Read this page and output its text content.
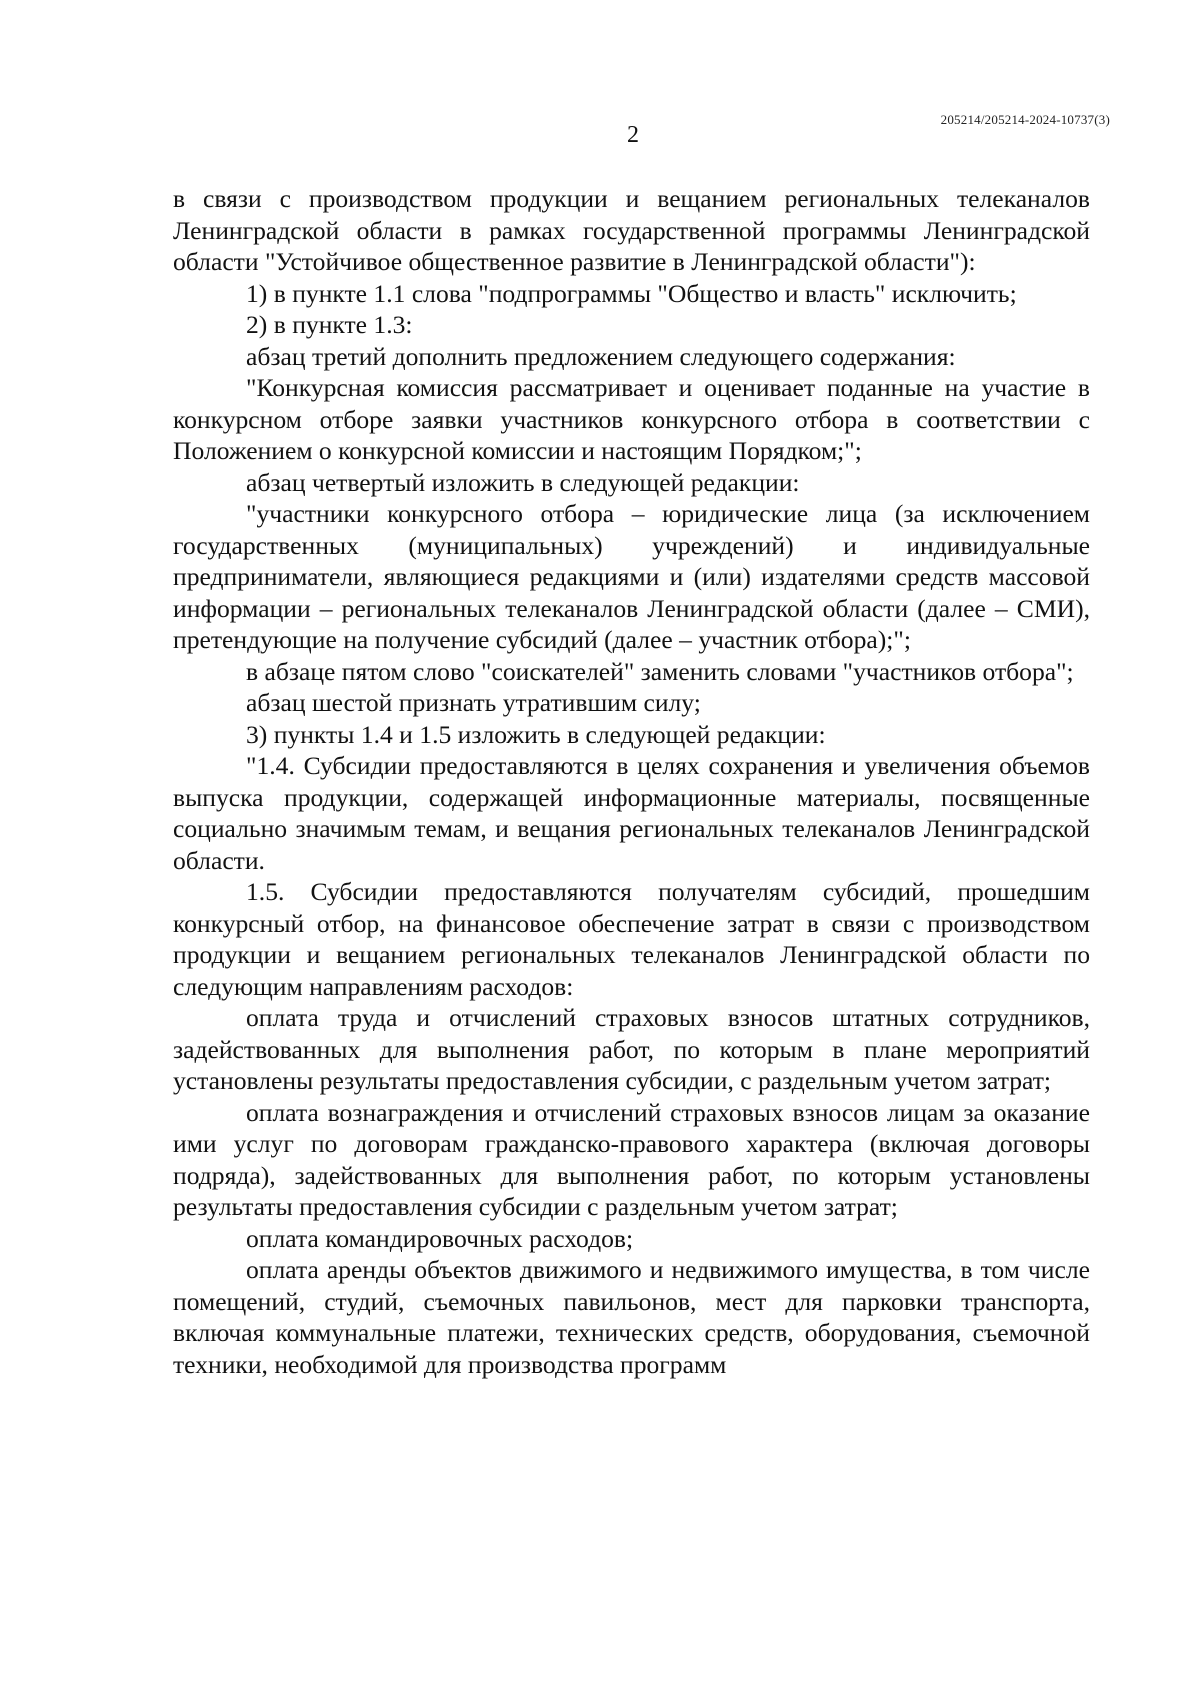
205214/205214-2024-10737(3)
2

в связи с производством продукции и вещанием региональных телеканалов Ленинградской области в рамках государственной программы Ленинградской области "Устойчивое общественное развитие в Ленинградской области"):

1) в пункте 1.1 слова "подпрограммы "Общество и власть" исключить;

2) в пункте 1.3:

абзац третий дополнить предложением следующего содержания:

"Конкурсная комиссия рассматривает и оценивает поданные на участие в конкурсном отборе заявки участников конкурсного отбора в соответствии с Положением о конкурсной комиссии и настоящим Порядком;";

абзац четвертый изложить в следующей редакции:

"участники конкурсного отбора – юридические лица (за исключением государственных (муниципальных) учреждений) и индивидуальные предприниматели, являющиеся редакциями и (или) издателями средств массовой информации – региональных телеканалов Ленинградской области (далее – СМИ), претендующие на получение субсидий (далее – участник отбора);";

в абзаце пятом слово "соискателей" заменить словами "участников отбора";

абзац шестой признать утратившим силу;

3) пункты 1.4 и 1.5 изложить в следующей редакции:

"1.4. Субсидии предоставляются в целях сохранения и увеличения объемов выпуска продукции, содержащей информационные материалы, посвященные социально значимым темам, и вещания региональных телеканалов Ленинградской области.

1.5. Субсидии предоставляются получателям субсидий, прошедшим конкурсный отбор, на финансовое обеспечение затрат в связи с производством продукции и вещанием региональных телеканалов Ленинградской области по следующим направлениям расходов:

оплата труда и отчислений страховых взносов штатных сотрудников, задействованных для выполнения работ, по которым в плане мероприятий установлены результаты предоставления субсидии, с раздельным учетом затрат;

оплата вознаграждения и отчислений страховых взносов лицам за оказание ими услуг по договорам гражданско-правового характера (включая договоры подряда), задействованных для выполнения работ, по которым установлены результаты предоставления субсидии с раздельным учетом затрат;

оплата командировочных расходов;

оплата аренды объектов движимого и недвижимого имущества, в том числе помещений, студий, съемочных павильонов, мест для парковки транспорта, включая коммунальные платежи, технических средств, оборудования, съемочной техники, необходимой для производства программ
